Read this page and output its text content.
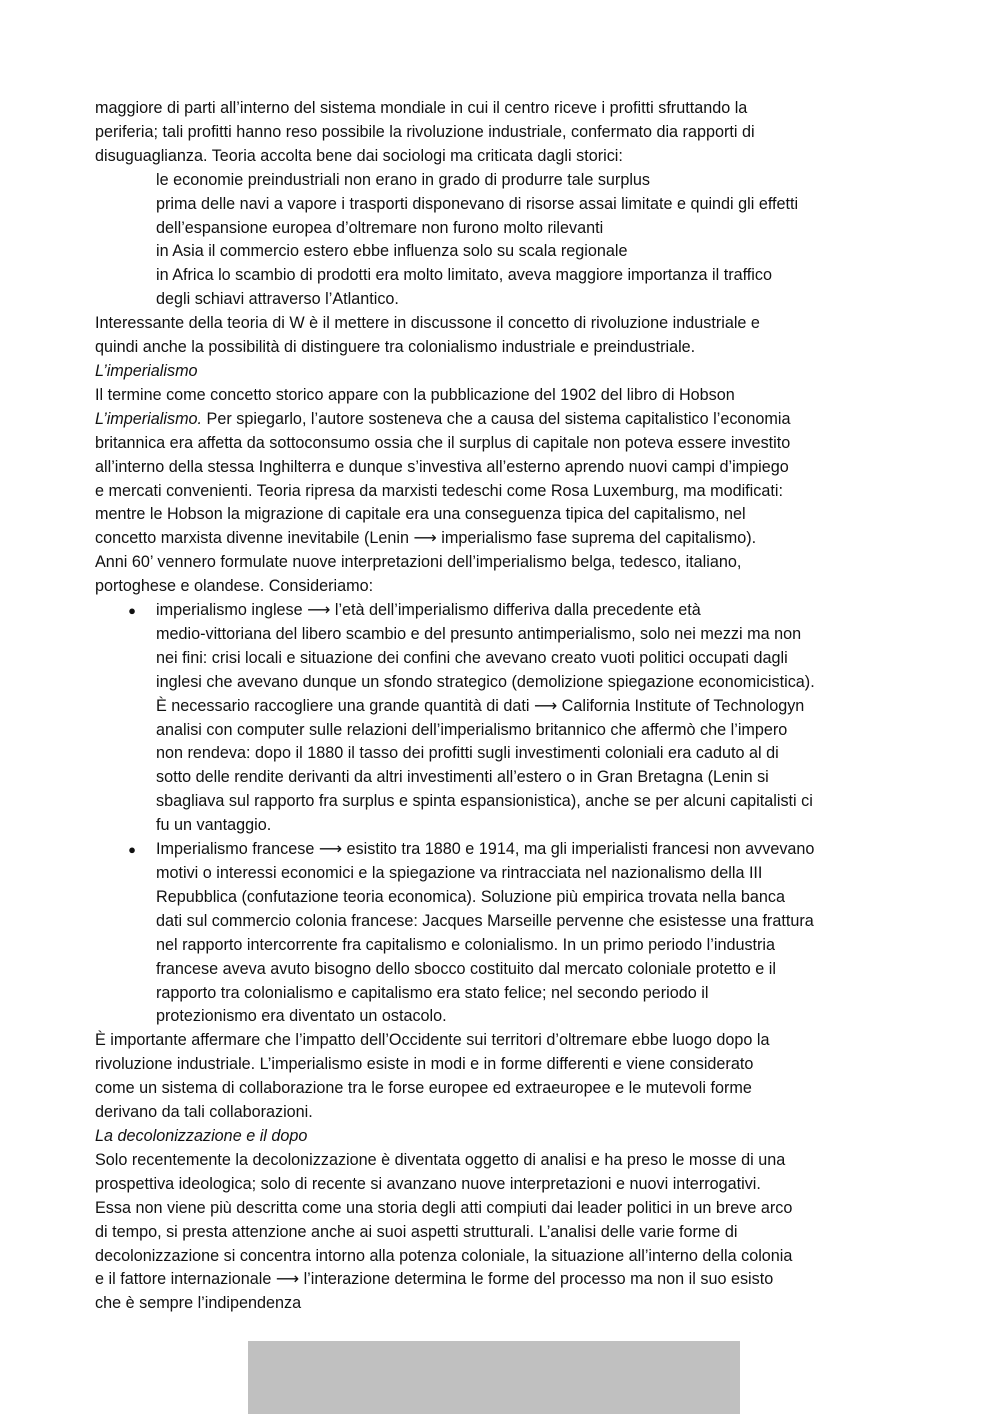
maggiore di parti all’interno del sistema mondiale in cui il centro riceve i profitti sfruttando la
periferia; tali profitti hanno reso possibile la rivoluzione industriale, confermato dia rapporti di
disuguaglianza. Teoria accolta bene dai sociologi ma criticata dagli storici:
le economie preindustriali non erano in grado di produrre tale surplus
prima delle navi a vapore i trasporti disponevano di risorse assai limitate e quindi gli effetti
dell’espansione europea d’oltremare non furono molto rilevanti
in Asia il commercio estero ebbe influenza solo su scala regionale
in Africa lo scambio di prodotti era molto limitato, aveva maggiore importanza il traffico
degli schiavi attraverso l’Atlantico.
Interessante della teoria di W è il mettere in discussone il concetto di rivoluzione industriale e
quindi anche la possibilità di distinguere tra colonialismo industriale e preindustriale.
L’imperialismo
Il termine come concetto storico appare con la pubblicazione del 1902 del libro di Hobson
L’imperialismo. Per spiegarlo, l’autore sosteneva che a causa del sistema capitalistico l’economia
britannica era affetta da sottoconsumo ossia che il surplus di capitale non poteva essere investito
all’interno della stessa Inghilterra e dunque s’investiva all’esterno aprendo nuovi campi d’impiego
e mercati convenienti. Teoria ripresa da marxisti tedeschi come Rosa Luxemburg, ma modificati:
mentre le Hobson la migrazione di capitale era una conseguenza tipica del capitalismo, nel
concetto marxista divenne inevitabile (Lenin ⟶ imperialismo fase suprema del capitalismo).
Anni 60’ vennero formulate nuove interpretazioni dell’imperialismo belga, tedesco, italiano,
portoghese e olandese. Consideriamo:
●	imperialismo inglese ⟶ l’età dell’imperialismo differiva dalla precedente età
medio-vittoriana del libero scambio e del presunto antimperialismo, solo nei mezzi ma non
nei fini: crisi locali e situazione dei confini che avevano creato vuoti politici occupati dagli
inglesi che avevano dunque un sfondo strategico (demolizione spiegazione economicistica).
È necessario raccogliere una grande quantità di dati ⟶ California Institute of Technologyn
analisi con computer sulle relazioni dell’imperialismo britannico che affermò che l’impero
non rendeva: dopo il 1880 il tasso dei profitti sugli investimenti coloniali era caduto al di
sotto delle rendite derivanti da altri investimenti all’estero o in Gran Bretagna (Lenin si
sbagliava sul rapporto fra surplus e spinta espansionistica), anche se per alcuni capitalisti ci
fu un vantaggio.
●	Imperialismo francese ⟶ esistito tra 1880 e 1914, ma gli imperialisti francesi non avvevano
motivi o interessi economici e la spiegazione va rintracciata nel nazionalismo della III
Repubblica (confutazione teoria economica). Soluzione più empirica trovata nella banca
dati sul commercio colonia francese: Jacques Marseille pervenne che esistesse una frattura
nel rapporto intercorrente fra capitalismo e colonialismo. In un primo periodo l’industria
francese aveva avuto bisogno dello sbocco costituito dal mercato coloniale protetto e il
rapporto tra colonialismo e capitalismo era stato felice; nel secondo periodo il
protezionismo era diventato un ostacolo.
È importante affermare che l’impatto dell’Occidente sui territori d’oltremare ebbe luogo dopo la
rivoluzione industriale. L’imperialismo esiste in modi e in forme differenti e viene considerato
come un sistema di collaborazione tra le forse europee ed extraeuropee e le mutevoli forme
derivano da tali collaborazioni.
La decolonizzazione e il dopo
Solo recentemente la decolonizzazione è diventata oggetto di analisi e ha preso le mosse di una
prospettiva ideologica; solo di recente si avanzano nuove interpretazioni e nuovi interrogativi.
Essa non viene più descritta come una storia degli atti compiuti dai leader politici in un breve arco
di tempo, si presta attenzione anche ai suoi aspetti strutturali. L’analisi delle varie forme di
decolonizzazione si concentra intorno alla potenza coloniale, la situazione all’interno della colonia
e il fattore internazionale ⟶ l’interazione determina le forme del processo ma non il suo esisto
che è sempre l’indipendenza
